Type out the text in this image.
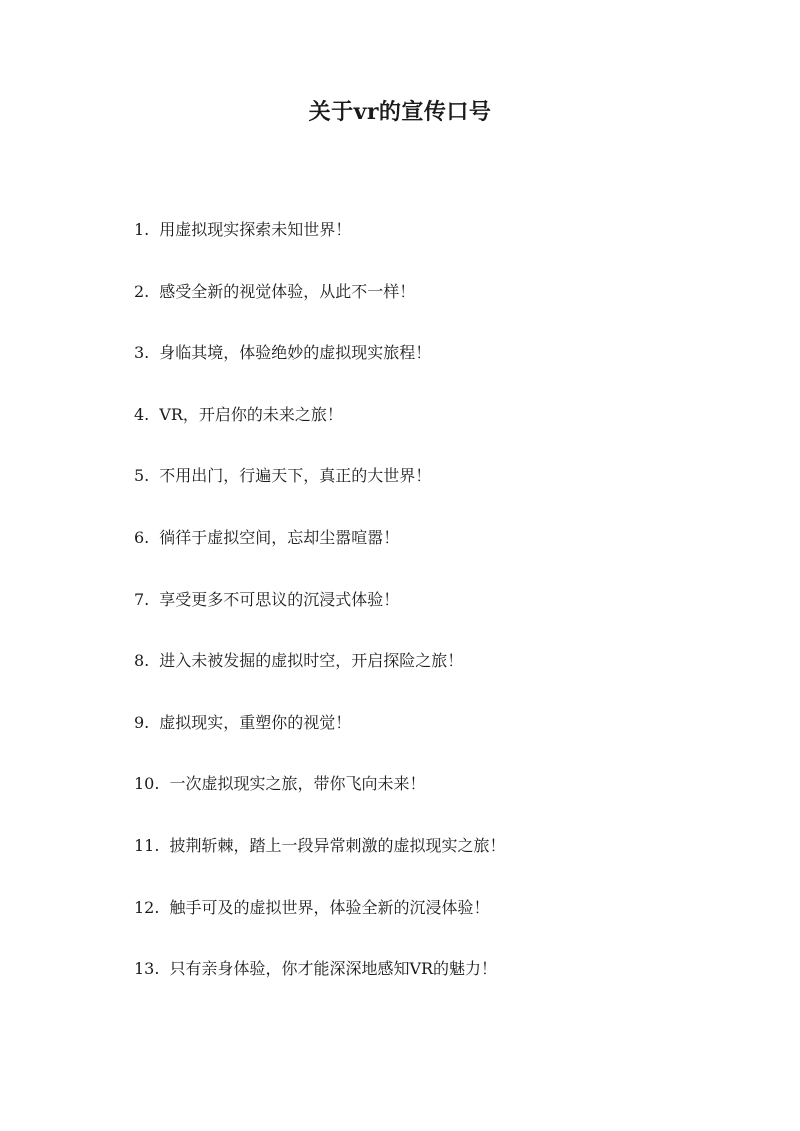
关于vr的宣传口号
1. 用虚拟现实探索未知世界！
2. 感受全新的视觉体验，从此不一样！
3. 身临其境，体验绝妙的虚拟现实旅程！
4. VR，开启你的未来之旅！
5. 不用出门，行遍天下，真正的大世界！
6. 徜徉于虚拟空间，忘却尘嚣喧嚣！
7. 享受更多不可思议的沉浸式体验！
8. 进入未被发掘的虚拟时空，开启探险之旅！
9. 虚拟现实，重塑你的视觉！
10. 一次虚拟现实之旅，带你飞向未来！
11. 披荆斩棘，踏上一段异常刺激的虚拟现实之旅！
12. 触手可及的虚拟世界，体验全新的沉浸体验！
13. 只有亲身体验，你才能深深地感知VR的魅力！
